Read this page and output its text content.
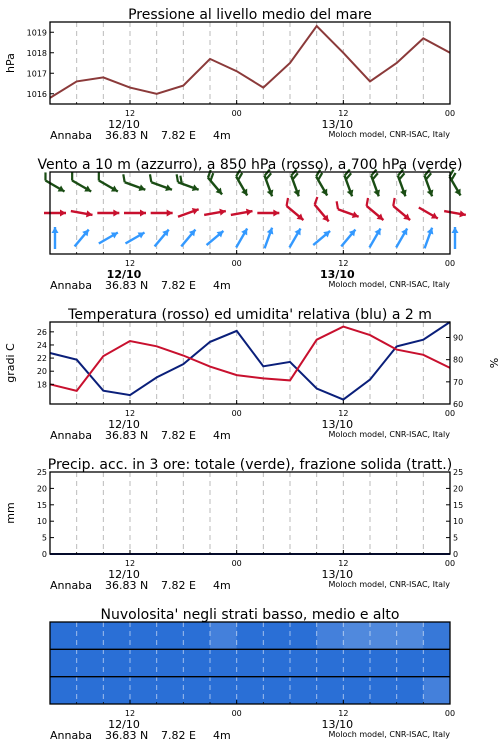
Pressione al livello medio del mare
1016
1017
1018
1019
hPa
12	00	12	00
12/10	13/10
Annaba 36.83 N 7.82 E 4m	Moloch model, CNR-ISAC, Italy
Vento a 10 m (azzurro), a 850 hPa (rosso), a 700 hPa (verde)
12	00	12	00
12/10	13/10
Annaba 36.83 N 7.82 E 4m	Moloch model, CNR-ISAC, Italy
Temperatura (rosso) ed umidita' relativa (blu) a 2 m
18
20
22
24
26
gradi C
60
70
80
90
%
12	00	12	00
12/10	13/10
Annaba 36.83 N 7.82 E 4m	Moloch model, CNR-ISAC, Italy
Precip. acc. in 3 ore: totale (verde), frazione solida (tratt.)
0
5
10
15
20
25
mm
0
5
10
15
20
25
12	00	12	00
12/10	13/10
Annaba 36.83 N 7.82 E 4m	Moloch model, CNR-ISAC, Italy
Nuvolosita' negli strati basso, medio e alto
12	00	12	00
12/10	13/10
Annaba 36.83 N 7.82 E 4m	Moloch model, CNR-ISAC, Italy
